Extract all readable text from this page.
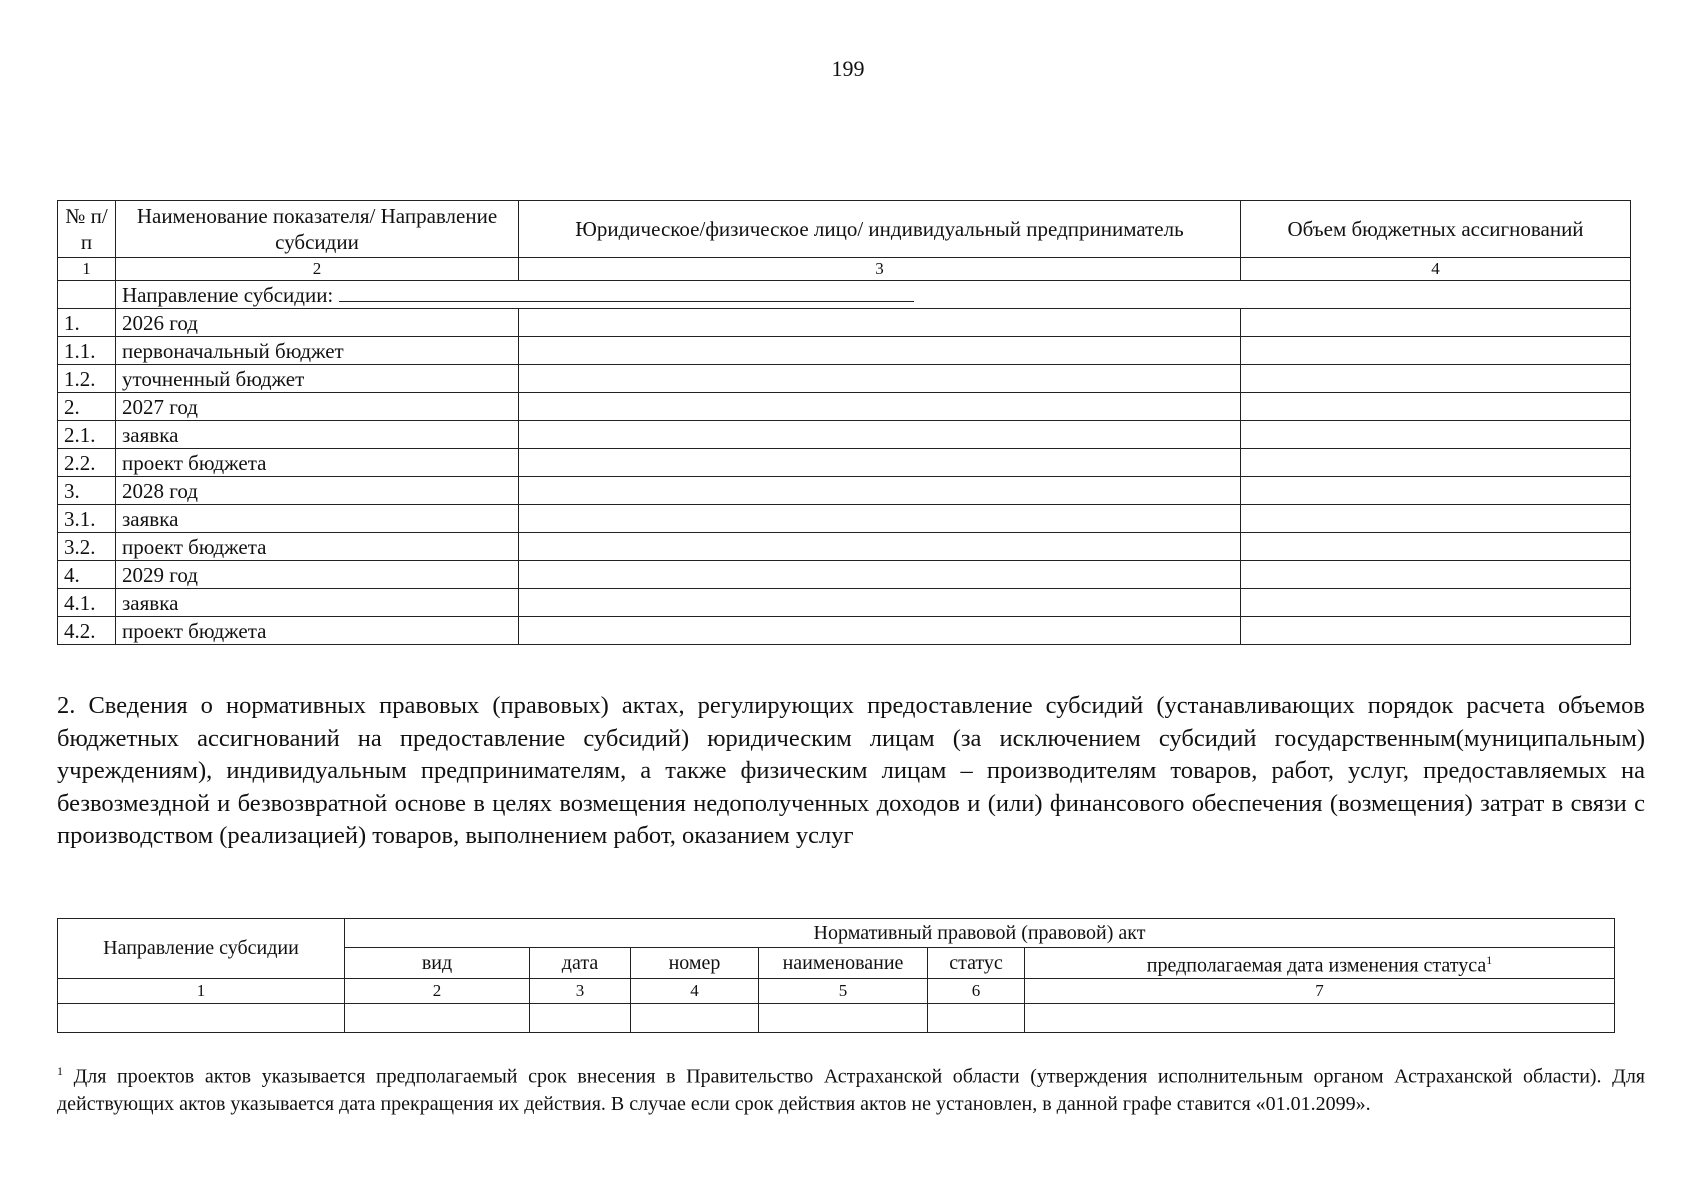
199
№ п/п	Наименование показателя/ Направление субсидии	Юридическое/физическое лицо/ индивидуальный предприниматель	Объем бюджетных ассигнований
1	2	3	4
	Направление субсидии:		
1.	2026 год		
1.1.	первоначальный бюджет		
1.2.	уточненный бюджет		
2.	2027 год		
2.1.	заявка		
2.2.	проект бюджета		
3.	2028 год		
3.1.	заявка		
3.2.	проект бюджета		
4.	2029 год		
4.1.	заявка		
4.2.	проект бюджета		
2. Сведения о нормативных правовых (правовых) актах, регулирующих предоставление субсидий (устанавливающих порядок расчета объемов бюджетных ассигнований на предоставление субсидий) юридическим лицам (за исключением субсидий государственным(муниципальным) учреждениям), индивидуальным предпринимателям, а также физическим лицам – производителям товаров, работ, услуг, предоставляемых на безвозмездной и безвозвратной основе в целях возмещения недополученных доходов и (или) финансового обеспечения (возмещения) затрат в связи с производством (реализацией) товаров, выполнением работ, оказанием услуг
Направление субсидии	Нормативный правовой (правовой) акт					
	вид	дата	номер	наименование	статус	предполагаемая дата изменения статуса$^1$
1	2	3	4	5	6	7

$^1$ Для проектов актов указывается предполагаемый срок внесения в Правительство Астраханской области (утверждения исполнительным органом Астраханской области). Для действующих актов указывается дата прекращения их действия. В случае если срок действия актов не установлен, в данной графе ставится «01.01.2099».
